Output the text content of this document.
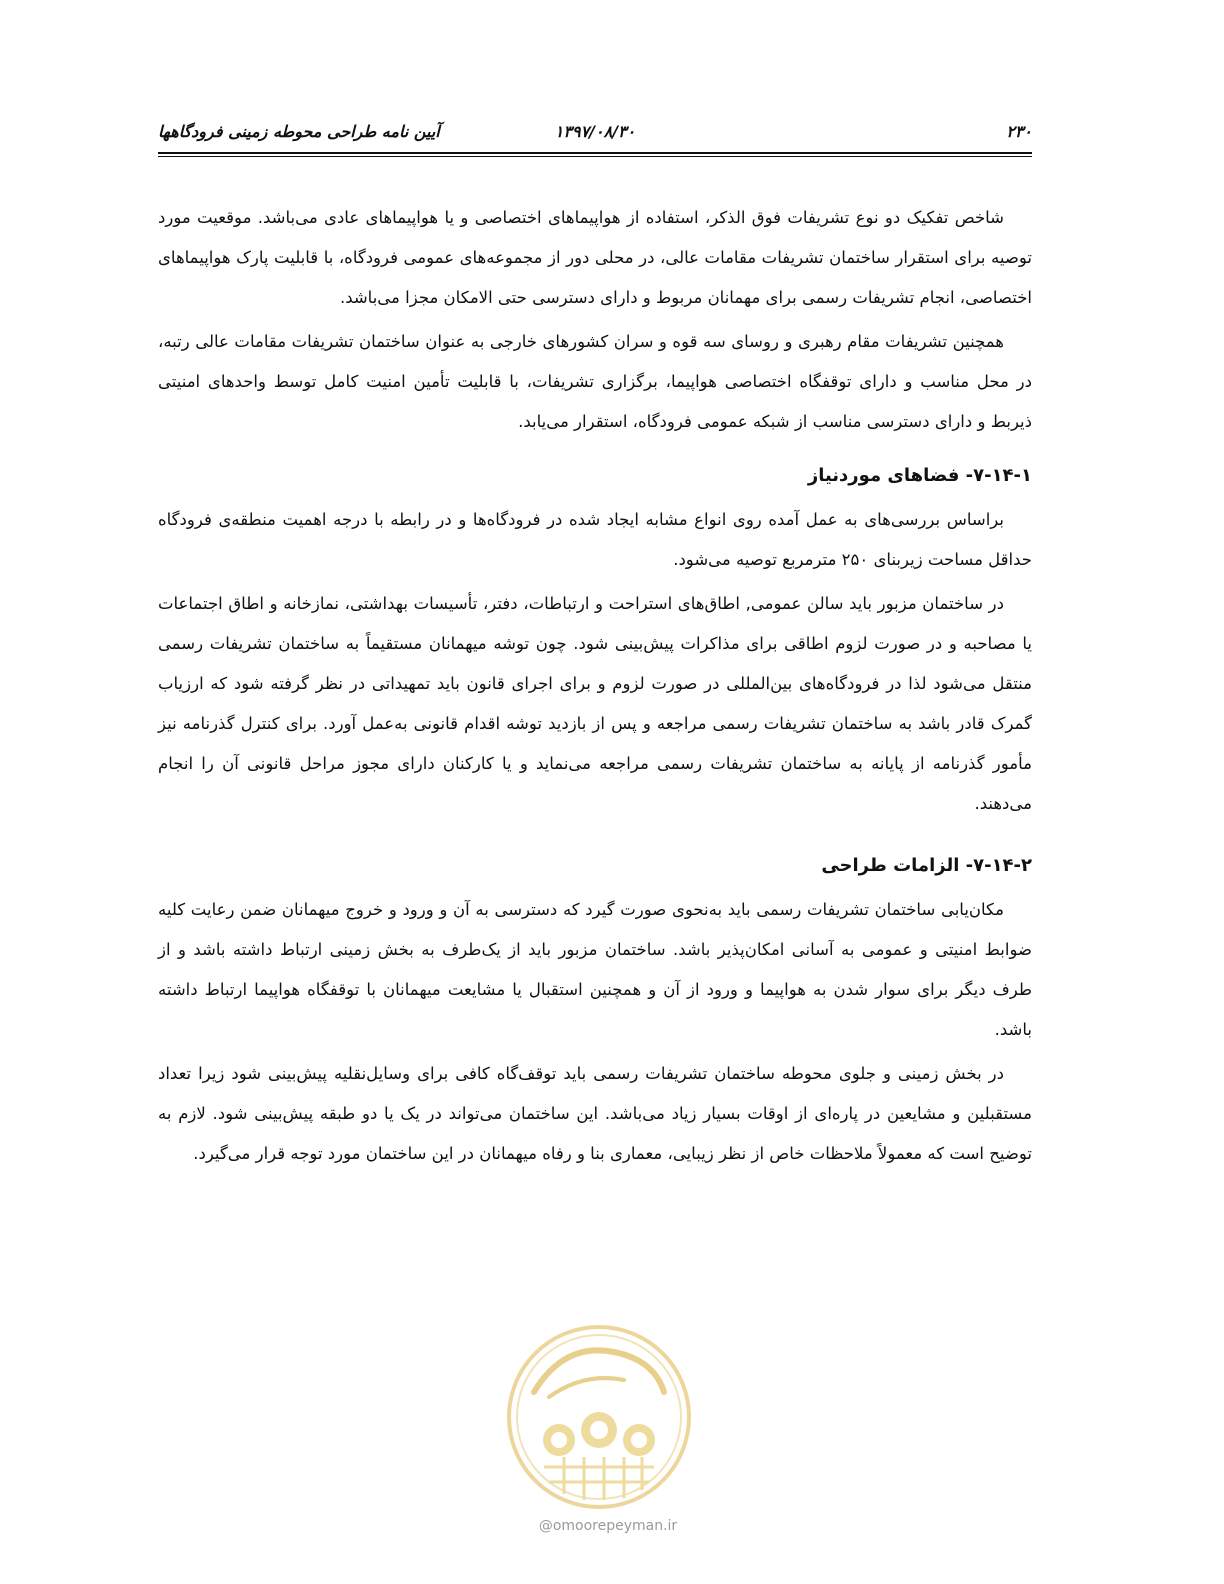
۲۳۰
۱۳۹۷/۰۸/۳۰
آیین نامه طراحی محوطه زمینی فرودگاهها

شاخص تفکیک دو نوع تشریفات فوق الذکر، استفاده از هواپیماهای اختصاصی و یا هواپیماهای عادی می‌باشد. موقعیت مورد توصیه برای استقرار ساختمان تشریفات مقامات عالی، در محلی دور از مجموعه‌های عمومی فرودگاه، با قابلیت پارک هواپیماهای اختصاصی، انجام تشریفات رسمی برای مهمانان مربوط و دارای دسترسی حتی الامکان مجزا می‌باشد.

همچنین تشریفات مقام رهبری و روسای سه قوه و سران کشورهای خارجی به عنوان ساختمان تشریفات مقامات عالی رتبه، در محل مناسب و دارای توقفگاه اختصاصی هواپیما، برگزاری تشریفات، با قابلیت تأمین امنیت کامل توسط واحدهای امنیتی ذیربط و دارای دسترسی مناسب از شبکه عمومی فرودگاه، استقرار می‌یابد.

۷-۱۴-۱- فضاهای موردنیاز

براساس بررسی‌های به عمل آمده روی انواع مشابه ایجاد شده در فرودگاه‌ها و در رابطه با درجه اهمیت منطقه‌ی فرودگاه حداقل مساحت زیربنای ۲۵۰ مترمربع توصیه می‌شود.

در ساختمان مزبور باید سالن عمومی, اطاق‌های استراحت و ارتباطات، دفتر، تأسیسات بهداشتی، نمازخانه و اطاق اجتماعات یا مصاحبه و در صورت لزوم اطاقی برای مذاکرات پیش‌بینی شود. چون توشه میهمانان مستقیماً به ساختمان تشریفات رسمی منتقل می‌شود لذا در فرودگاه‌های بین‌المللی در صورت لزوم و برای اجرای قانون باید تمهیداتی در نظر گرفته شود که ارزیاب گمرک قادر باشد به ساختمان تشریفات رسمی مراجعه و پس از بازدید توشه اقدام قانونی به‌عمل آورد. برای کنترل گذرنامه نیز مأمور گذرنامه از پایانه به ساختمان تشریفات رسمی مراجعه می‌نماید و یا کارکنان دارای مجوز مراحل قانونی آن را انجام می‌دهند.

۷-۱۴-۲- الزامات طراحی

مکان‌یابی ساختمان تشریفات رسمی باید به‌نحوی صورت گیرد که دسترسی به آن و ورود و خروج میهمانان ضمن رعایت کلیه ضوابط امنیتی و عمومی به آسانی امکان‌پذیر باشد. ساختمان مزبور باید از یک‌طرف به بخش زمینی ارتباط داشته باشد و از طرف دیگر برای سوار شدن به هواپیما و ورود از آن و همچنین استقبال یا مشایعت میهمانان با توقفگاه هواپیما ارتباط داشته باشد.

در بخش زمینی و جلوی محوطه ساختمان تشریفات رسمی باید توقف‌گاه کافی برای وسایل‌نقلیه پیش‌بینی شود زیرا تعداد مستقبلین و مشایعین در پاره‌ای از اوقات بسیار زیاد می‌باشد. این ساختمان می‌تواند در یک یا دو طبقه پیش‌بینی شود. لازم به توضیح است که معمولاً ملاحظات خاص از نظر زیبایی، معماری بنا و رفاه میهمانان در این ساختمان مورد توجه قرار می‌گیرد.

@omoorepeyman.ir
